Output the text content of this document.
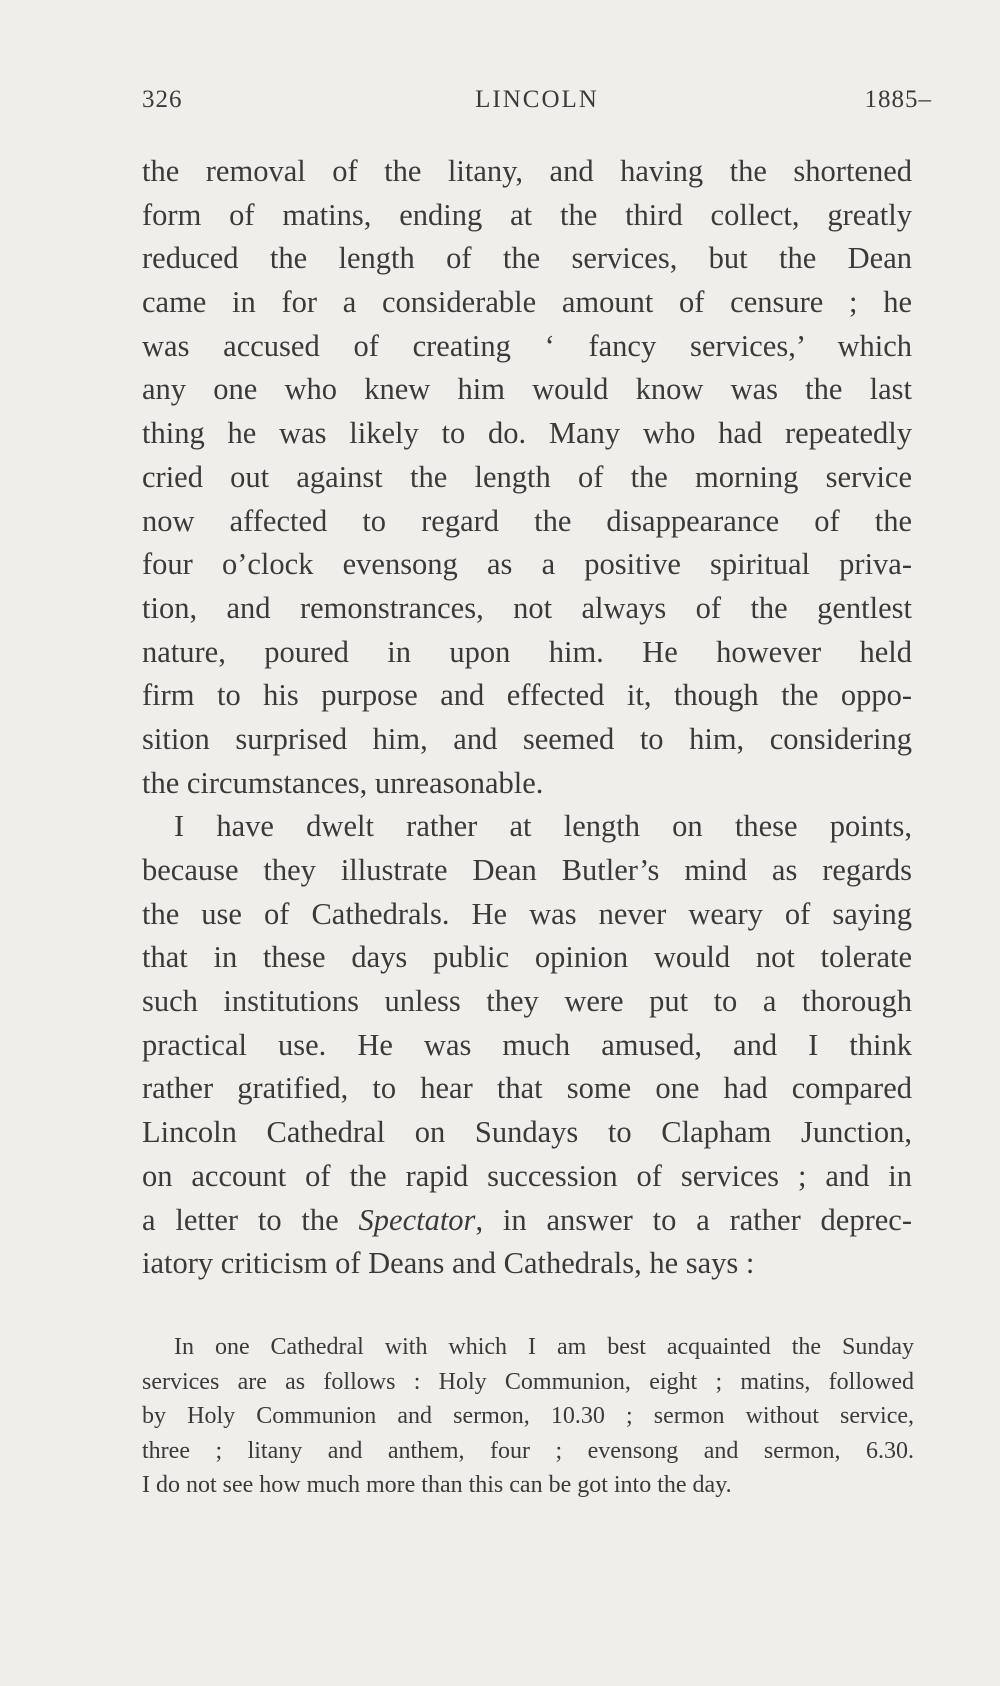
326	LINCOLN	1885–
the removal of the litany, and having the shortened
form of matins, ending at the third collect, greatly
reduced the length of the services, but the Dean
came in for a considerable amount of censure ; he
was accused of creating ‘ fancy services,’ which
any one who knew him would know was the last
thing he was likely to do. Many who had repeatedly
cried out against the length of the morning service
now affected to regard the disappearance of the
four o’clock evensong as a positive spiritual priva-
tion, and remonstrances, not always of the gentlest
nature, poured in upon him. He however held
firm to his purpose and effected it, though the oppo-
sition surprised him, and seemed to him, considering
the circumstances, unreasonable.
I have dwelt rather at length on these points,
because they illustrate Dean Butler’s mind as regards
the use of Cathedrals. He was never weary of saying
that in these days public opinion would not tolerate
such institutions unless they were put to a thorough
practical use. He was much amused, and I think
rather gratified, to hear that some one had compared
Lincoln Cathedral on Sundays to Clapham Junction,
on account of the rapid succession of services ; and in
a letter to the Spectator, in answer to a rather deprec-
iatory criticism of Deans and Cathedrals, he says :
In one Cathedral with which I am best acquainted the Sunday
services are as follows : Holy Communion, eight ; matins, followed
by Holy Communion and sermon, 10.30 ; sermon without service,
three ; litany and anthem, four ; evensong and sermon, 6.30.
I do not see how much more than this can be got into the day.
